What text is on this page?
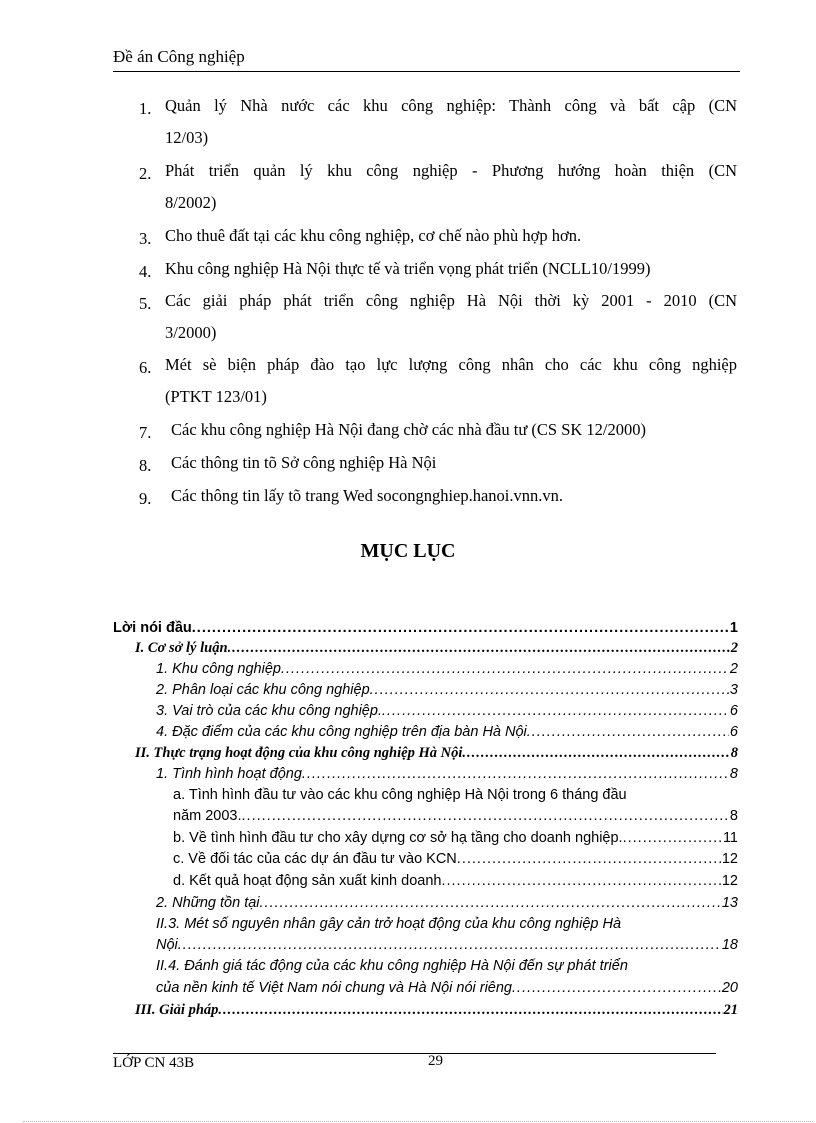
Đề án Công nghiệp
1. Quản lý Nhà nước các khu công nghiệp: Thành công và bất cập (CN
12/03)
2. Phát triển quản lý khu công nghiệp - Phương hướng hoàn thiện (CN
8/2002)
3. Cho thuê đất tại các khu công nghiệp, cơ chế nào phù hợp hơn.
4. Khu công nghiệp Hà Nội thực tế và triển vọng phát triển (NCLL10/1999)
5. Các giải pháp phát triển công nghiệp Hà Nội thời kỳ 2001 - 2010 (CN
3/2000)
6. Mét sè biện pháp đào tạo lực lượng công nhân cho các khu công nghiệp
(PTKT 123/01)
7.	Các khu công nghiệp Hà Nội đang chờ các nhà đầu tư (CS SK 12/2000)
8.	Các thông tin tõ Sở công nghiệp Hà Nội
9.	Các thông tin lấy tõ trang Wed socongnghiep.hanoi.vnn.vn.
MỤC LỤC
Lời nói đầu .....	1
I. Cơ sở lý luận .....	2
1. Khu công nghiệp .....	2
2. Phân loại các khu công nghiệp .....	3
3. Vai trò của các khu công nghiệp. .....	6
4. Đặc điểm của các khu công nghiệp trên địa bàn Hà Nội .....	6
II. Thực trạng hoạt động của khu công nghiệp Hà Nội .....	8
1. Tình hình hoạt động .....	8
a. Tình hình đầu tư vào các khu công nghiệp Hà Nội trong 6 tháng đầu
năm 2003. .....	8
b. Về tình hình đầu tư cho xây dựng cơ sở hạ tầng cho doanh nghiệp. .....	11
c. Về đối tác của các dự án đầu tư vào KCN .....	12
d. Kết quả hoạt động sản xuất kinh doanh .....	12
2. Những tồn tại .....	13
II.3. Mét số nguyên nhân gây cản trở hoạt động của khu công nghiệp Hà
Nội .....	18
II.4. Đánh giá tác động của các khu công nghiệp Hà Nội đến sự phát triển
của nền kinh tế Việt Nam nói chung và Hà Nội nói riêng .....	20
III. Giải pháp .....	21
LỚP CN 43B	29
